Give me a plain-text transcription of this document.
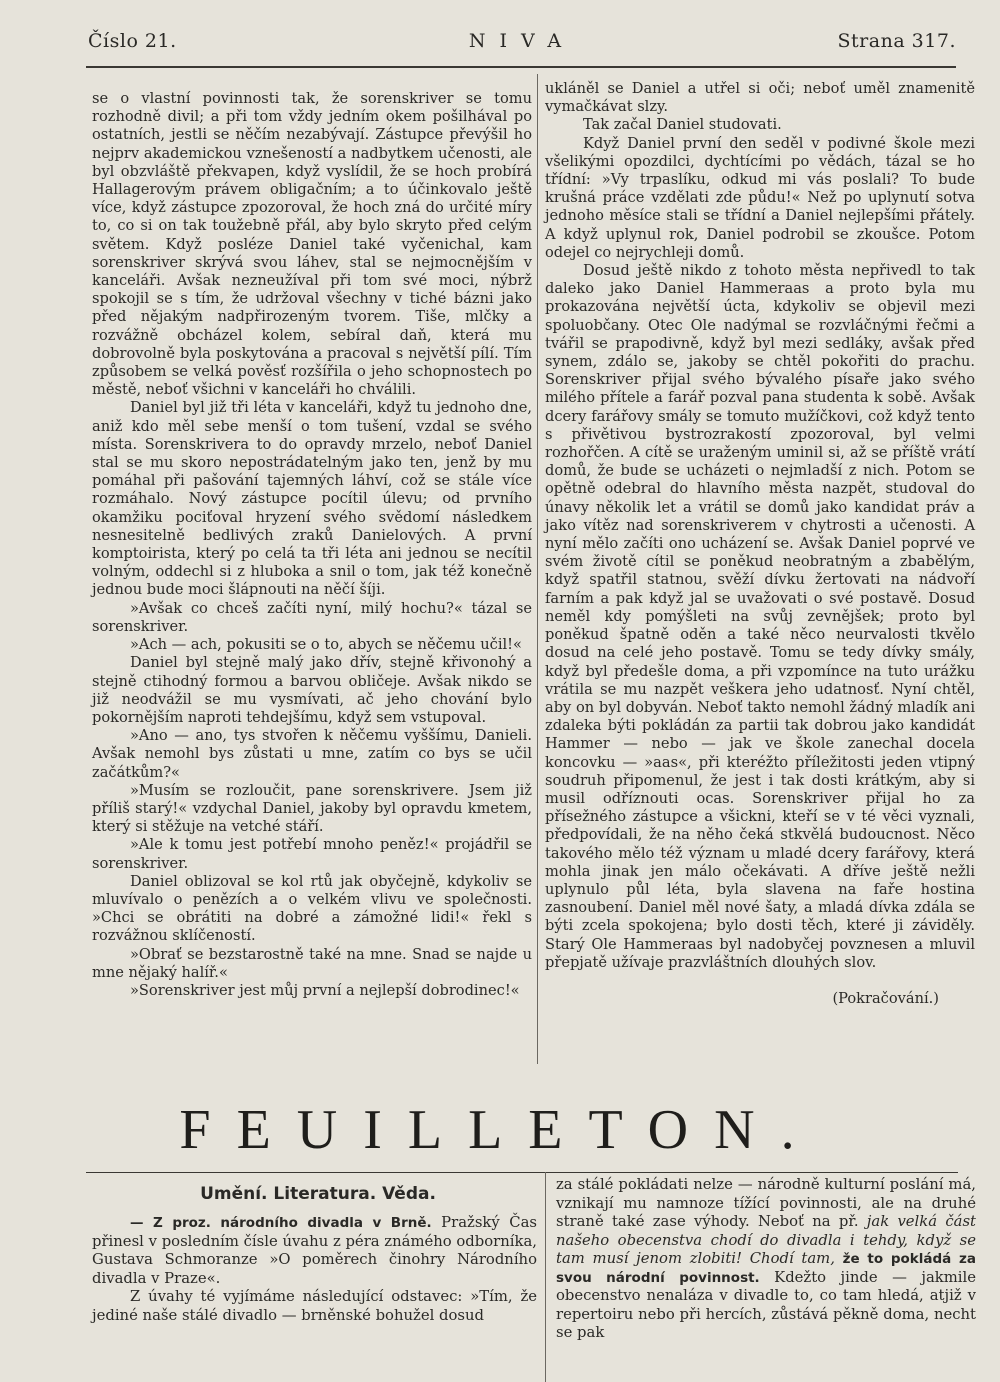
Číslo 21.	NIVA	Strana 317.

se o vlastní povinnosti tak, že sorenskriver se tomu rozhodně divil; a při tom vždy jedním okem pošilhával po ostatních, jestli se něčím nezabývají. Zástupce převýšil ho nejprv akademickou vznešeností a nadbytkem učenosti, ale byl obzvláště překvapen, když vyslídil, že se hoch probírá Hallagerovým právem obligačním; a to účinkovalo ještě více, když zástupce zpozoroval, že hoch zná do určité míry to, co si on tak toužebně přál, aby bylo skryto před celým světem. Když posléze Daniel také vyčenichal, kam sorenskriver skrývá svou láhev, stal se nejmocnějším v kanceláři. Avšak nezneužíval při tom své moci, nýbrž spokojil se s tím, že udržoval všechny v tiché bázni jako před nějakým nadpřirozeným tvorem. Tiše, mlčky a rozvážně obcházel kolem, sebíral daň, která mu dobrovolně byla poskytována a pracoval s největší pílí. Tím způsobem se velká pověsť rozšířila o jeho schopnostech po městě, neboť všichni v kanceláři ho chválili.

Daniel byl již tři léta v kanceláři, když tu jednoho dne, aniž kdo měl sebe menší o tom tušení, vzdal se svého místa. Sorenskrivera to do opravdy mrzelo, neboť Daniel stal se mu skoro nepostrádatelným jako ten, jenž by mu pomáhal při pašování tajemných láhví, což se stále více rozmáhalo. Nový zástupce pocítil úlevu; od prvního okamžiku pociťoval hryzení svého svědomí následkem nesnesitelně bedlivých zraků Danielových. A první komptoirista, který po celá ta tři léta ani jednou se necítil volným, oddechl si z hluboka a snil o tom, jak též konečně jednou bude moci šlápnouti na něčí šíji.

»Avšak co chceš začíti nyní, milý hochu?« tázal se sorenskriver.

»Ach — ach, pokusiti se o to, abych se něčemu učil!«

Daniel byl stejně malý jako dřív, stejně křivonohý a stejně ctihodný formou a barvou obličeje. Avšak nikdo se již neodvážil se mu vysmívati, ač jeho chování bylo pokornějším naproti tehdejšímu, když sem vstupoval.

»Ano — ano, tys stvořen k něčemu vyššímu, Danieli. Avšak nemohl bys zůstati u mne, zatím co bys se učil začátkům?«

»Musím se rozloučit, pane sorenskrivere. Jsem již příliš starý!« vzdychal Daniel, jakoby byl opravdu kmetem, který si stěžuje na vetché stáří.

»Ale k tomu jest potřebí mnoho peněz!« projádřil se sorenskriver.

Daniel oblizoval se kol rtů jak obyčejně, kdykoliv se mluvívalo o penězích a o velkém vlivu ve společnosti. »Chci se obrátiti na dobré a zámožné lidi!« řekl s rozvážnou sklíčeností.

»Obrať se bezstarostně také na mne. Snad se najde u mne nějaký halíř.«

»Sorenskriver jest můj první a nejlepší dobrodinec!«

ukláněl se Daniel a utřel si oči; neboť uměl znamenitě vymačkávat slzy.

Tak začal Daniel studovati.

Když Daniel první den seděl v podivné škole mezi všelikými opozdilci, dychtícími po vědách, tázal se ho třídní: »Vy trpaslíku, odkud mi vás poslali? To bude krušná práce vzdělati zde půdu!« Než po uplynutí sotva jednoho měsíce stali se třídní a Daniel nejlepšími přátely. A když uplynul rok, Daniel podrobil se zkoušce. Potom odejel co nejrychleji domů.

Dosud ještě nikdo z tohoto města nepřivedl to tak daleko jako Daniel Hammeraas a proto byla mu prokazována největší úcta, kdykoliv se objevil mezi spoluobčany. Otec Ole nadýmal se rozvláčnými řečmi a tvářil se prapodivně, když byl mezi sedláky, avšak před synem, zdálo se, jakoby se chtěl pokořiti do prachu. Sorenskriver přijal svého bývalého písaře jako svého milého přítele a farář pozval pana studenta k sobě. Avšak dcery farářovy smály se tomuto mužíčkovi, což když tento s přivětivou bystrozrakostí zpozoroval, byl velmi rozhořčen. A cítě se uraženým uminil si, až se příště vrátí domů, že bude se ucházeti o nejmladší z nich. Potom se opětně odebral do hlavního města nazpět, studoval do únavy několik let a vrátil se domů jako kandidat práv a jako vítěz nad sorenskriverem v chytrosti a učenosti. A nyní mělo začíti ono ucházení se. Avšak Daniel poprvé ve svém životě cítil se poněkud neobratným a zbabělým, když spatřil statnou, svěží dívku žertovati na nádvoří farním a pak když jal se uvažovati o své postavě. Dosud neměl kdy pomýšleti na svůj zevnějšek; proto byl poněkud špatně oděn a také něco neurvalosti tkvělo dosud na celé jeho postavě. Tomu se tedy dívky smály, když byl předešle doma, a při vzpomínce na tuto urážku vrátila se mu nazpět veškera jeho udatnosť. Nyní chtěl, aby on byl dobyván. Neboť takto nemohl žádný mladík ani zdaleka býti pokládán za partii tak dobrou jako kandidát Hammer — nebo — jak ve škole zanechal docela koncovku — »aas«, při kteréžto příležitosti jeden vtipný soudruh připomenul, že jest i tak dosti krátkým, aby si musil odříznouti ocas. Sorenskriver přijal ho za přísežného zástupce a všickni, kteří se v té věci vyznali, předpovídali, že na něho čeká stkvělá budoucnost. Něco takového mělo též význam u mladé dcery farářovy, která mohla jinak jen málo očekávati. A dříve ještě nežli uplynulo půl léta, byla slavena na faře hostina zasnoubení. Daniel měl nové šaty, a mladá dívka zdála se býti zcela spokojena; bylo dosti těch, které ji záviděly. Starý Ole Hammeraas byl nadobyčej povznesen a mluvil přepjatě užívaje prazvláštních dlouhých slov.

(Pokračování.)

FEUILLETON.
Umění. Literatura. Věda.

— Z proz. národního divadla v Brně. Pražský Čas přinesl v posledním čísle úvahu z péra známého odborníka, Gustava Schmoranze »O poměrech činohry Národního divadla v Praze«.

Z úvahy té vyjímáme následující odstavec: »Tím, že jediné naše stálé divadlo — brněnské bohužel dosud

za stálé pokládati nelze — národně kulturní poslání má, vznikají mu namnoze tížící povinnosti, ale na druhé straně také zase výhody. Neboť na př. jak velká část našeho obecenstva chodí do divadla i tehdy, když se tam musí jenom zlobiti! Chodí tam, že to pokládá za svou národní povinnost. Kdežto jinde — jakmile obecenstvo nenaláza v divadle to, co tam hledá, atjiž v repertoiru nebo při hercích, zůstává pěkně doma, necht se pak
